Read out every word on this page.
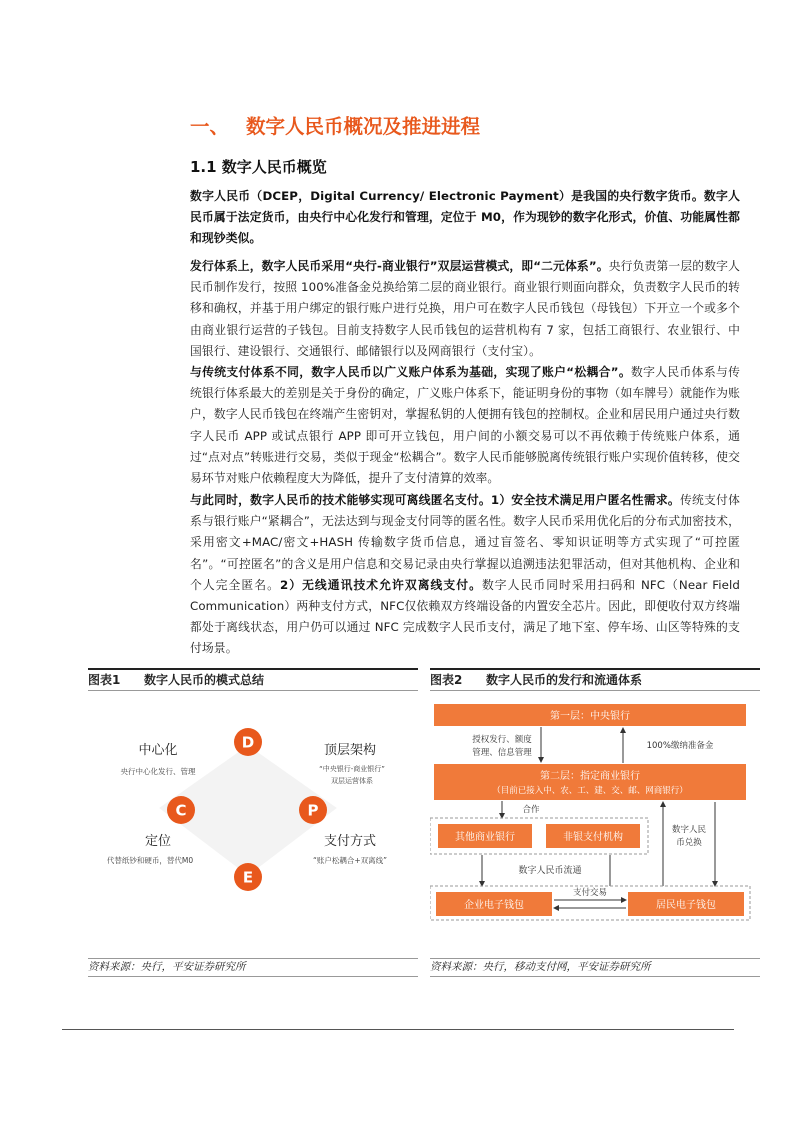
一、 数字人民币概况及推进进程
1.1 数字人民币概览
数字人民币（DCEP，Digital Currency/ Electronic Payment）是我国的央行数字货币。数字人民币属于法定货币，由央行中心化发行和管理，定位于 M0，作为现钞的数字化形式，价值、功能属性都和现钞类似。
发行体系上，数字人民币采用“央行-商业银行”双层运营模式，即“二元体系”。央行负责第一层的数字人民币制作发行，按照 100%准备金兑换给第二层的商业银行。商业银行则面向群众，负责数字人民币的转移和确权，并基于用户绑定的银行账户进行兑换，用户可在数字人民币钱包（母钱包）下开立一个或多个由商业银行运营的子钱包。目前支持数字人民币钱包的运营机构有 7 家，包括工商银行、农业银行、中国银行、建设银行、交通银行、邮储银行以及网商银行（支付宝）。
与传统支付体系不同，数字人民币以广义账户体系为基础，实现了账户“松耦合”。数字人民币体系与传统银行体系最大的差别是关于身份的确定，广义账户体系下，能证明身份的事物（如车牌号）就能作为账户，数字人民币钱包在终端产生密钥对，掌握私钥的人便拥有钱包的控制权。企业和居民用户通过央行数字人民币 APP 或试点银行 APP 即可开立钱包，用户间的小额交易可以不再依赖于传统账户体系，通过“点对点”转账进行交易，类似于现金“松耦合”。数字人民币能够脱离传统银行账户实现价值转移，使交易环节对账户依赖程度大为降低，提升了支付清算的效率。
与此同时，数字人民币的技术能够实现可离线匿名支付。1）安全技术满足用户匿名性需求。传统支付体系与银行账户“紧耦合”，无法达到与现金支付同等的匿名性。数字人民币采用优化后的分布式加密技术，采用密文+MAC/密文+HASH 传输数字货币信息，通过盲签名、零知识证明等方式实现了“可控匿名”。“可控匿名”的含义是用户信息和交易记录由央行掌握以追溯违法犯罪活动，但对其他机构、企业和个人完全匿名。2）无线通讯技术允许双离线支付。数字人民币同时采用扫码和 NFC（Near Field Communication）两种支付方式，NFC仅依赖双方终端设备的内置安全芯片。因此，即便收付双方终端都处于离线状态，用户仍可以通过 NFC 完成数字人民币支付，满足了地下室、停车场、山区等特殊的支付场景。
图表1 数字人民币的模式总结	图表2 数字人民币的发行和流通体系
D
C	P
E
中心化
央行中心化发行、管理
顶层架构
“中央银行-商业银行”
双层运营体系
定位
代替纸钞和硬币，替代M0
支付方式
“账户松耦合+双离线”
第一层：中央银行
授权发行、额度
管理、信息管理
100%缴纳准备金
第二层：指定商业银行
（目前已接入中、农、工、建、交、邮、网商银行）
合作
其他商业银行	非银支付机构
数字人民
币兑换
数字人民币流通
企业电子钱包	居民电子钱包
支付交易
资料来源：央行，平安证券研究所	资料来源：央行，移动支付网，平安证券研究所
